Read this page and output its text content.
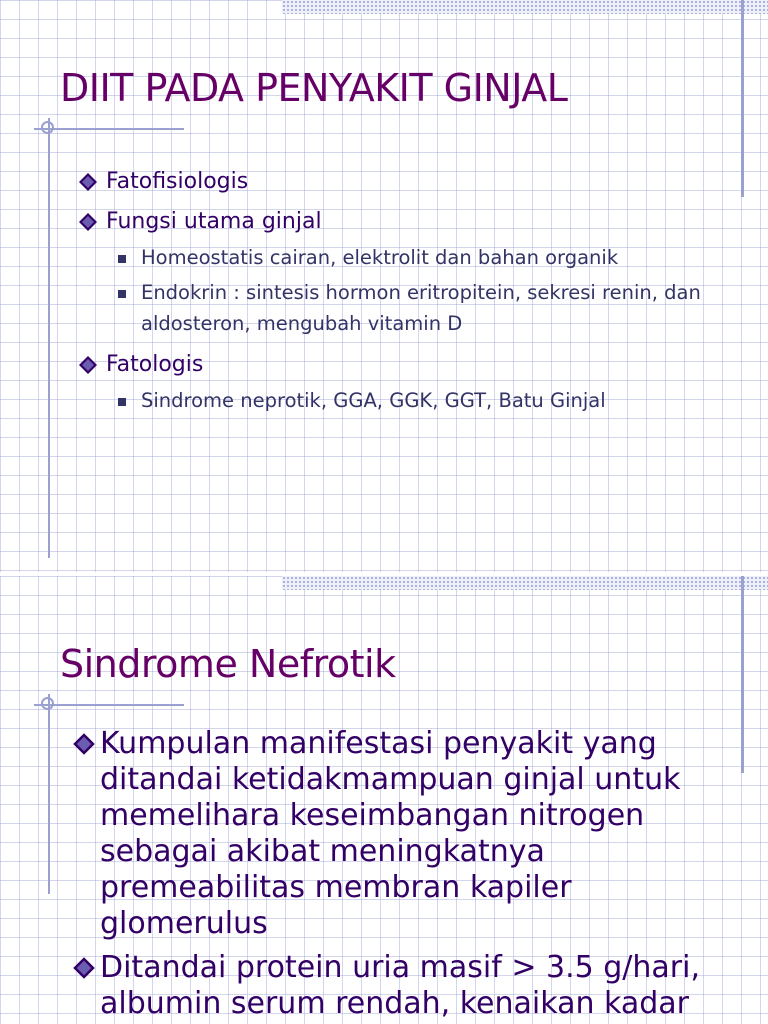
DIIT PADA PENYAKIT GINJAL
Fatofisiologis
Fungsi utama ginjal
Homeostatis cairan, elektrolit dan bahan organik
Endokrin : sintesis hormon eritropitein, sekresi renin, dan aldosteron, mengubah vitamin D
Fatologis
Sindrome neprotik, GGA, GGK, GGT, Batu Ginjal
Sindrome Nefrotik
Kumpulan manifestasi penyakit yang ditandai ketidakmampuan ginjal untuk memelihara keseimbangan nitrogen sebagai akibat meningkatnya premeabilitas membran kapiler glomerulus
Ditandai protein uria masif > 3.5 g/hari, albumin serum rendah, kenaikan kadar
